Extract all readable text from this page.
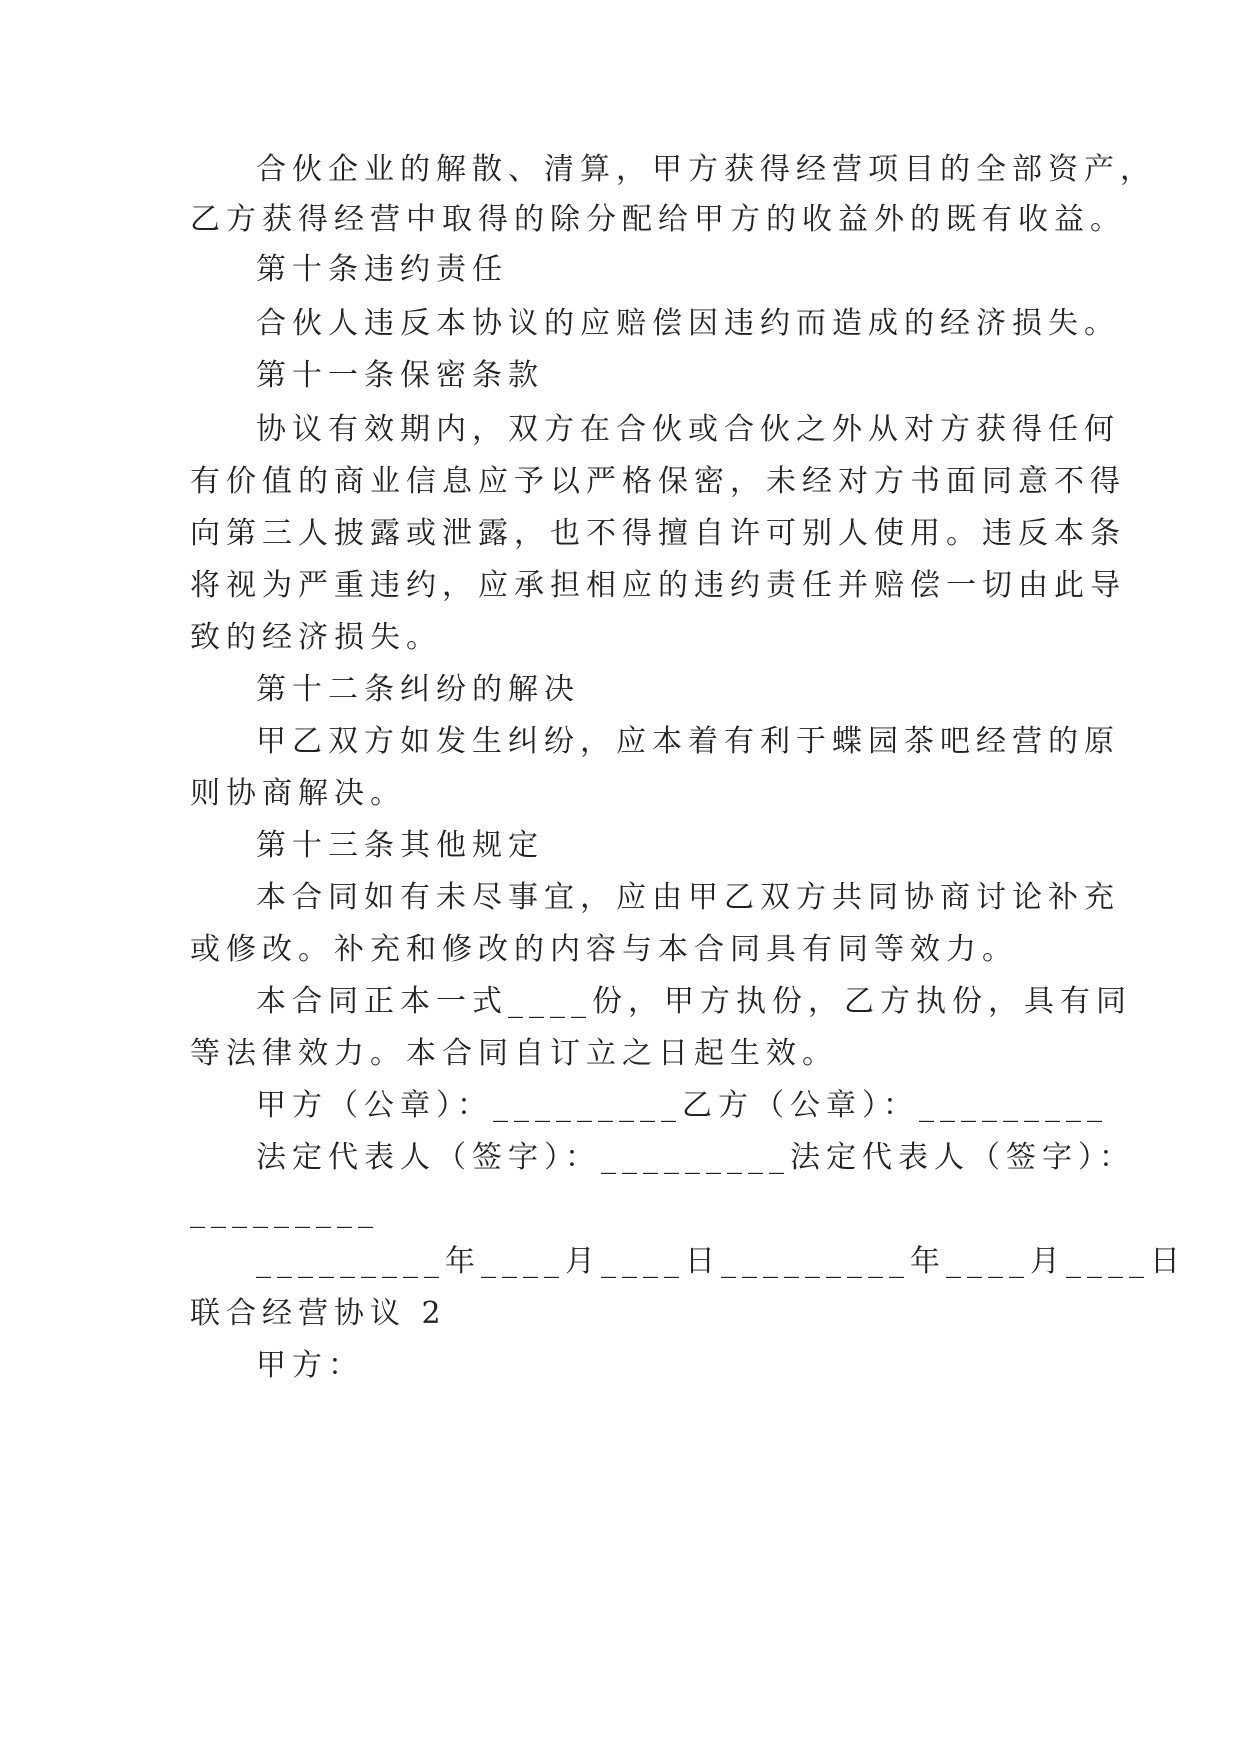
合伙企业的解散、清算，甲方获得经营项目的全部资产，
乙方获得经营中取得的除分配给甲方的收益外的既有收益。
第十条违约责任
合伙人违反本协议的应赔偿因违约而造成的经济损失。
第十一条保密条款
协议有效期内，双方在合伙或合伙之外从对方获得任何
有价值的商业信息应予以严格保密，未经对方书面同意不得
向第三人披露或泄露，也不得擅自许可别人使用。违反本条
将视为严重违约，应承担相应的违约责任并赔偿一切由此导
致的经济损失。
第十二条纠纷的解决
甲乙双方如发生纠纷，应本着有利于蝶园茶吧经营的原
则协商解决。
第十三条其他规定
本合同如有未尽事宜，应由甲乙双方共同协商讨论补充
或修改。补充和修改的内容与本合同具有同等效力。
本合同正本一式____份，甲方执份，乙方执份，具有同
等法律效力。本合同自订立之日起生效。
甲方（公章）：_________乙方（公章）：_________
法定代表人（签字）：_________法定代表人（签字）：
_________
_________年____月____日_________年____月____日
联合经营协议 2
甲方：
